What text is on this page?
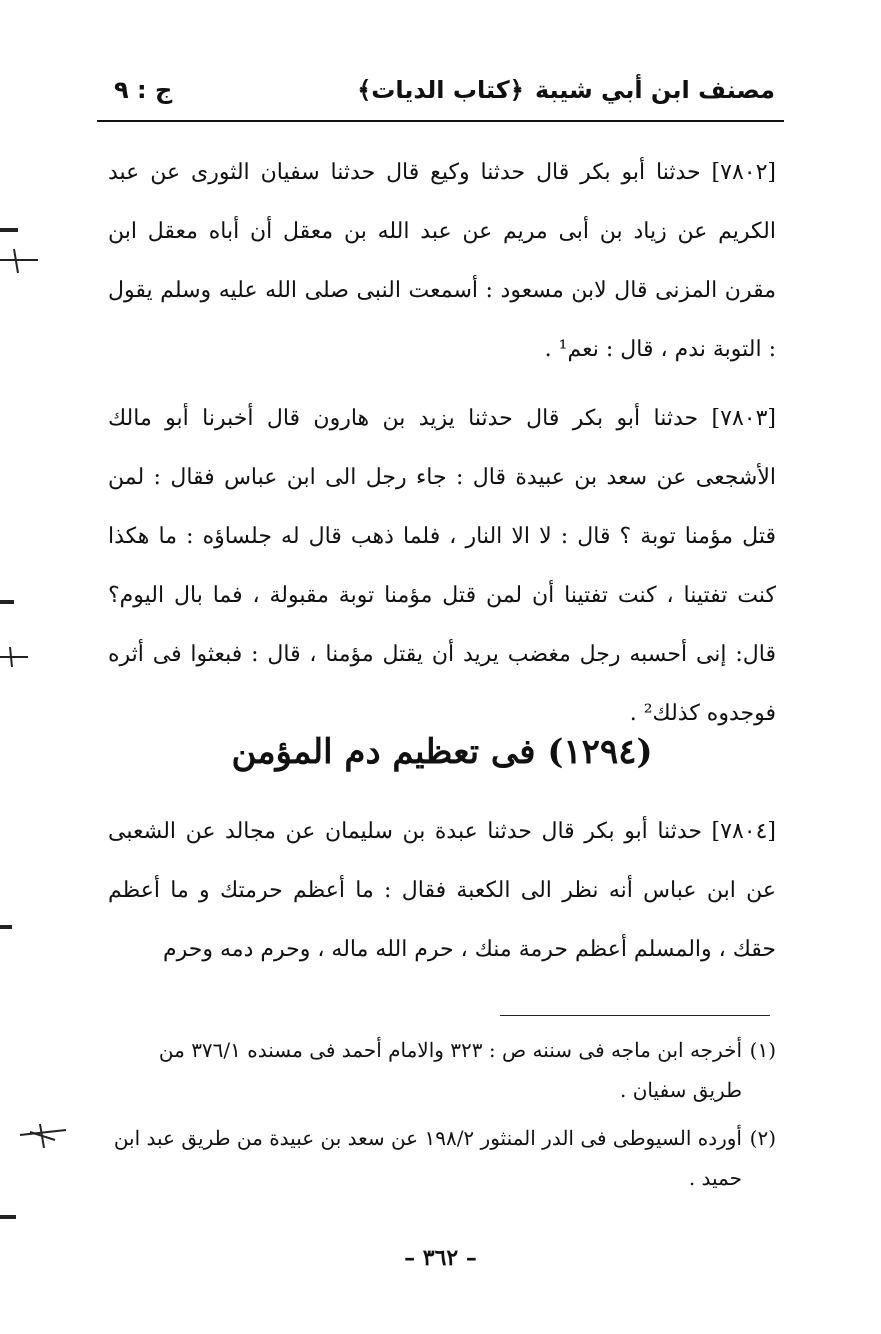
مصنف ابن أبي شيبة
﴿كتاب الديات﴾
ج : ٩

[٧٨٠٢] حدثنا أبو بكر قال حدثنا وكيع قال حدثنا سفيان الثورى عن عبد الكريم عن زياد بن أبى مريم عن عبد الله بن معقل أن أباه معقل ابن مقرن المزنى قال لابن مسعود : أسمعت النبى صلى الله عليه وسلم يقول : التوبة ندم ، قال : نعم¹ .

[٧٨٠٣] حدثنا أبو بكر قال حدثنا يزيد بن هارون قال أخبرنا أبو مالك الأشجعى عن سعد بن عبيدة قال : جاء رجل الى ابن عباس فقال : لمن قتل مؤمنا توبة ؟ قال : لا الا النار ، فلما ذهب قال له جلساؤه : ما هكذا كنت تفتينا ، كنت تفتينا أن لمن قتل مؤمنا توبة مقبولة ، فما بال اليوم؟ قال: إنى أحسبه رجل مغضب يريد أن يقتل مؤمنا ، قال : فبعثوا فى أثره فوجدوه كذلك² .

(١٢٩٤) فى تعظيم دم المؤمن

[٧٨٠٤] حدثنا أبو بكر قال حدثنا عبدة بن سليمان عن مجالد عن الشعبى عن ابن عباس أنه نظر الى الكعبة فقال : ما أعظم حرمتك و ما أعظم حقك ، والمسلم أعظم حرمة منك ، حرم الله ماله ، وحرم دمه وحرم

(١)
أخرجه ابن ماجه فى سننه ص : ٣٢٣ والامام أحمد فى مسنده ٣٧٦/١ من طريق سفيان .

(٢)
أورده السيوطى فى الدر المنثور ١٩٨/٢ عن سعد بن عبيدة من طريق عبد ابن حميد .

– ٣٦٢ –
